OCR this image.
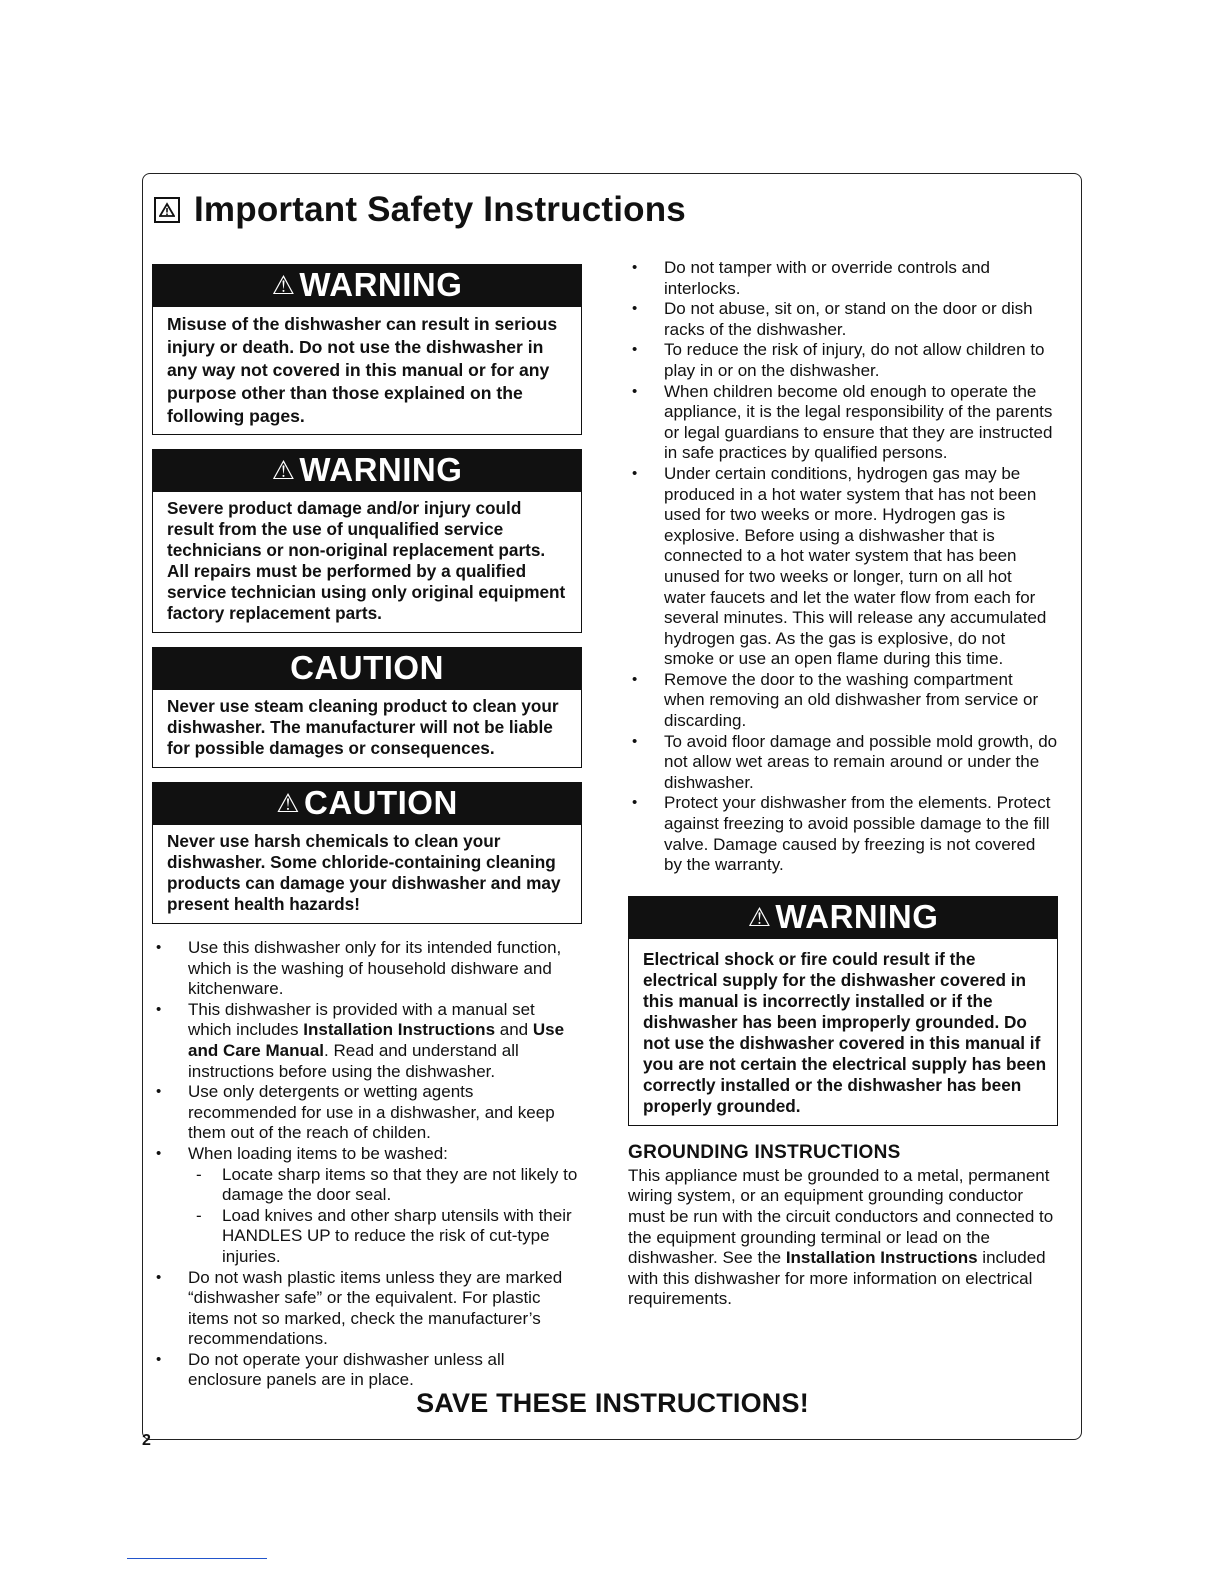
Important Safety Instructions
⚠ WARNING
Misuse of the dishwasher can result in serious injury or death. Do not use the dishwasher in any way not covered in this manual or for any purpose other than those explained on the following pages.
⚠ WARNING
Severe product damage and/or injury could result from the use of unqualified service technicians or non-original replacement parts. All repairs must be performed by a qualified service technician using only original equipment factory replacement parts.
CAUTION
Never use steam cleaning product to clean your dishwasher. The manufacturer will not be liable for possible damages or consequences.
⚠ CAUTION
Never use harsh chemicals to clean your dishwasher. Some chloride-containing cleaning products can damage your dishwasher and may present health hazards!
• Use this dishwasher only for its intended function, which is the washing of household dishware and kitchenware.
• This dishwasher is provided with a manual set which includes Installation Instructions and Use and Care Manual. Read and understand all instructions before using the dishwasher.
• Use only detergents or wetting agents recommended for use in a dishwasher, and keep them out of the reach of childen.
• When loading items to be washed:
- Locate sharp items so that they are not likely to damage the door seal.
- Load knives and other sharp utensils with their HANDLES UP to reduce the risk of cut-type injuries.
• Do not wash plastic items unless they are marked “dishwasher safe” or the equivalent. For plastic items not so marked, check the manufacturer’s recommendations.
• Do not operate your dishwasher unless all enclosure panels are in place.
• Do not tamper with or override controls and interlocks.
• Do not abuse, sit on, or stand on the door or dish racks of the dishwasher.
• To reduce the risk of injury, do not allow children to play in or on the dishwasher.
• When children become old enough to operate the appliance, it is the legal responsibility of the parents or legal guardians to ensure that they are instructed in safe practices by qualified persons.
• Under certain conditions, hydrogen gas may be produced in a hot water system that has not been used for two weeks or more. Hydrogen gas is explosive. Before using a dishwasher that is connected to a hot water system that has been unused for two weeks or longer, turn on all hot water faucets and let the water flow from each for several minutes. This will release any accumulated hydrogen gas. As the gas is explosive, do not smoke or use an open flame during this time.
• Remove the door to the washing compartment when removing an old dishwasher from service or discarding.
• To avoid floor damage and possible mold growth, do not allow wet areas to remain around or under the dishwasher.
• Protect your dishwasher from the elements. Protect against freezing to avoid possible damage to the fill valve. Damage caused by freezing is not covered by the warranty.
⚠ WARNING
Electrical shock or fire could result if the electrical supply for the dishwasher covered in this manual is incorrectly installed or if the dishwasher has been improperly grounded. Do not use the dishwasher covered in this manual if you are not certain the electrical supply has been correctly installed or the dishwasher has been properly grounded.
GROUNDING INSTRUCTIONS

This appliance must be grounded to a metal, permanent wiring system, or an equipment grounding conductor must be run with the circuit conductors and connected to the equipment grounding terminal or lead on the dishwasher. See the Installation Instructions included with this dishwasher for more information on electrical requirements.

SAVE THESE INSTRUCTIONS!

2
